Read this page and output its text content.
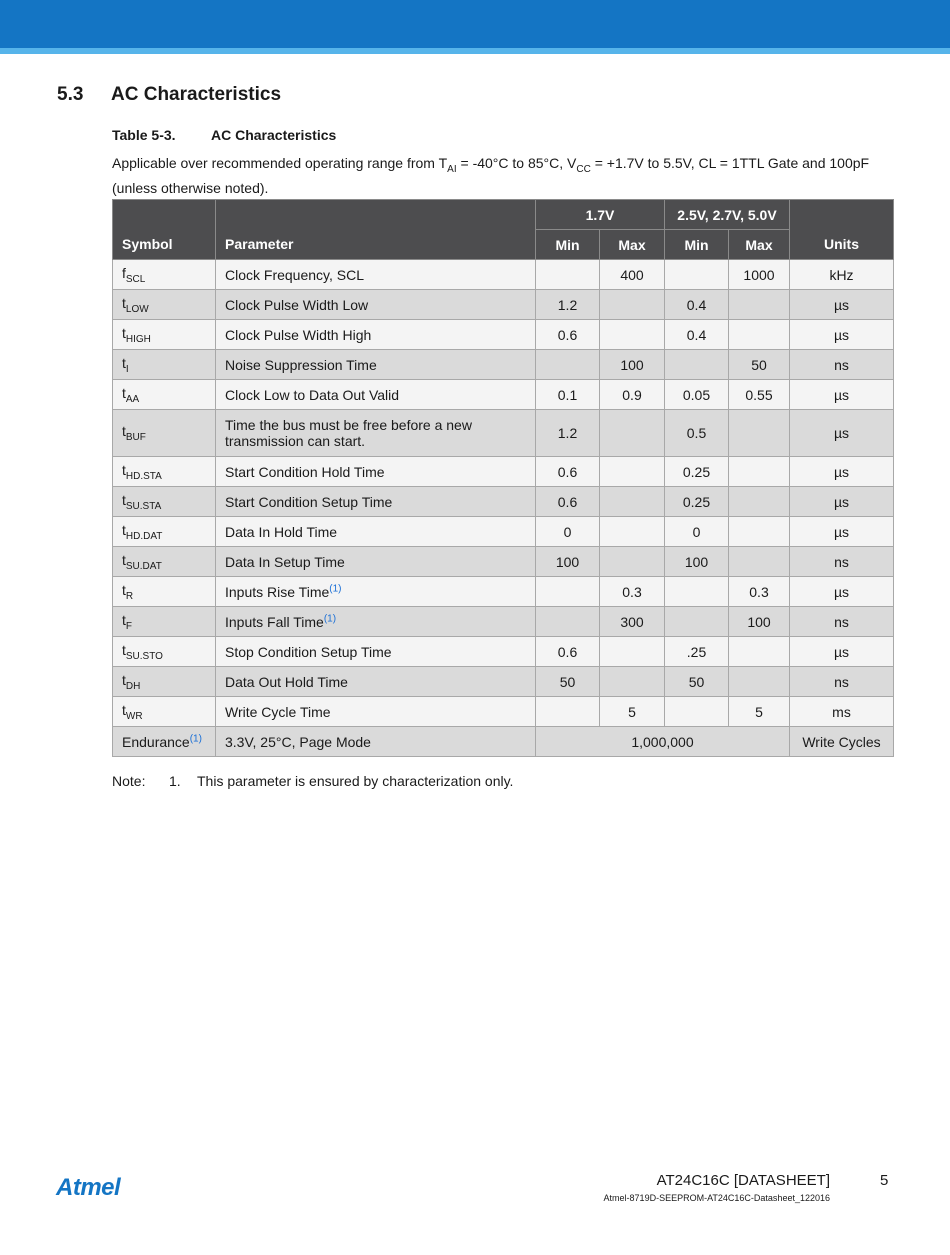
5.3 AC Characteristics
Table 5-3.	AC Characteristics
Applicable over recommended operating range from $T_{AI} = -40^\circ C$ to 85°C, $V_{CC} = +1.7V$ to 5.5V, CL = 1TTL Gate and 100pF (unless otherwise noted).
Symbol	Parameter	1.7V		2.5V, 2.7V, 5.0V		Units
		Min	Max	Min	Max	
$f_{SCL}$	Clock Frequency, SCL		400		1000	kHz
$t_{LOW}$	Clock Pulse Width Low	1.2		0.4		µs
$t_{HIGH}$	Clock Pulse Width High	0.6		0.4		µs
$t_I$	Noise Suppression Time		100		50	ns
$t_{AA}$	Clock Low to Data Out Valid	0.1	0.9	0.05	0.55	µs
$t_{BUF}$	Time the bus must be free before a new transmission can start.	1.2		0.5		µs
$t_{HD.STA}$	Start Condition Hold Time	0.6		0.25		µs
$t_{SU.STA}$	Start Condition Setup Time	0.6		0.25		µs
$t_{HD.DAT}$	Data In Hold Time	0		0		µs
$t_{SU.DAT}$	Data In Setup Time	100		100		ns
$t_R$	Inputs Rise Time$^{(1)}$		0.3		0.3	µs
$t_F$	Inputs Fall Time$^{(1)}$		300		100	ns
$t_{SU.STO}$	Stop Condition Setup Time	0.6		.25		µs
$t_{DH}$	Data Out Hold Time	50		50		ns
$t_{WR}$	Write Cycle Time		5		5	ms
Endurance$^{(1)}$	3.3V, 25°C, Page Mode	1,000,000				Write Cycles
Note: 1. This parameter is ensured by characterization only.
Atmel	AT24C16C [DATASHEET]	5
Atmel-8719D-SEEPROM-AT24C16C-Datasheet_122016
